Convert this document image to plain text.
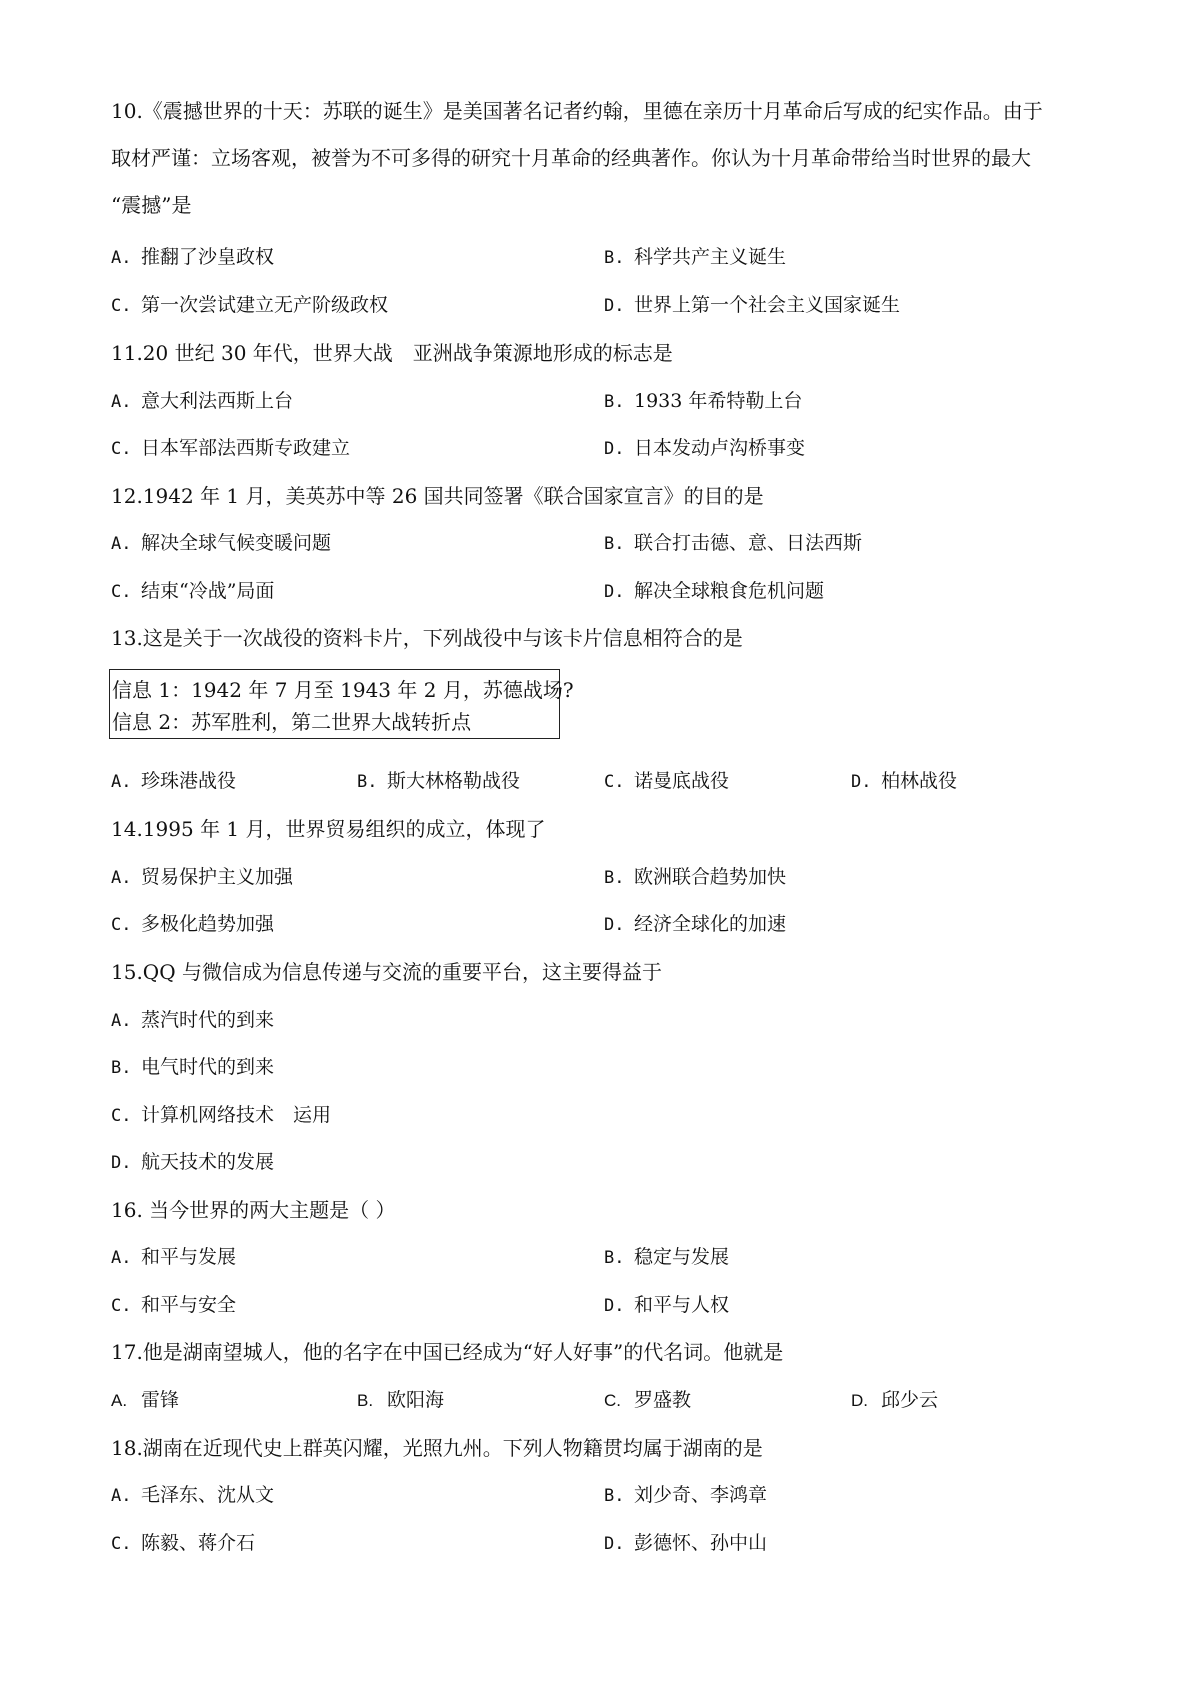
10.《震撼世界的十天：苏联的诞生》是美国著名记者约翰，里德在亲历十月革命后写成的纪实作品。由于
取材严谨：立场客观，被誉为不可多得的研究十月革命的经典著作。你认为十月革命带给当时世界的最大
“震撼”是
A. 推翻了沙皇政权	B. 科学共产主义诞生
C. 第一次尝试建立无产阶级政权	D. 世界上第一个社会主义国家诞生
11.20 世纪 30 年代，世界大战　亚洲战争策源地形成的标志是
A. 意大利法西斯上台	B. 1933 年希特勒上台
C. 日本军部法西斯专政建立	D. 日本发动卢沟桥事变
12.1942 年 1 月，美英苏中等 26 国共同签署《联合国家宣言》的目的是
A. 解决全球气候变暖问题	B. 联合打击德、意、日法西斯
C. 结束“冷战”局面	D. 解决全球粮食危机问题
13.这是关于一次战役的资料卡片，下列战役中与该卡片信息相符合的是
信息 1：1942 年 7 月至 1943 年 2 月，苏德战场?
信息 2：苏军胜利，第二世界大战转折点
A. 珍珠港战役	B. 斯大林格勒战役	C. 诺曼底战役	D. 柏林战役
14.1995 年 1 月，世界贸易组织的成立，体现了
A. 贸易保护主义加强	B. 欧洲联合趋势加快
C. 多极化趋势加强	D. 经济全球化的加速
15.QQ 与微信成为信息传递与交流的重要平台，这主要得益于
A. 蒸汽时代的到来
B. 电气时代的到来
C. 计算机网络技术　运用
D. 航天技术的发展
16. 当今世界的两大主题是（ ）
A. 和平与发展	B. 稳定与发展
C. 和平与安全	D. 和平与人权
17.他是湖南望城人，他的名字在中国已经成为“好人好事”的代名词。他就是
A. 雷锋	B. 欧阳海	C. 罗盛教	D. 邱少云
18.湖南在近现代史上群英闪耀，光照九州。下列人物籍贯均属于湖南的是
A. 毛泽东、沈从文	B. 刘少奇、李鸿章
C. 陈毅、蒋介石	D. 彭德怀、孙中山
